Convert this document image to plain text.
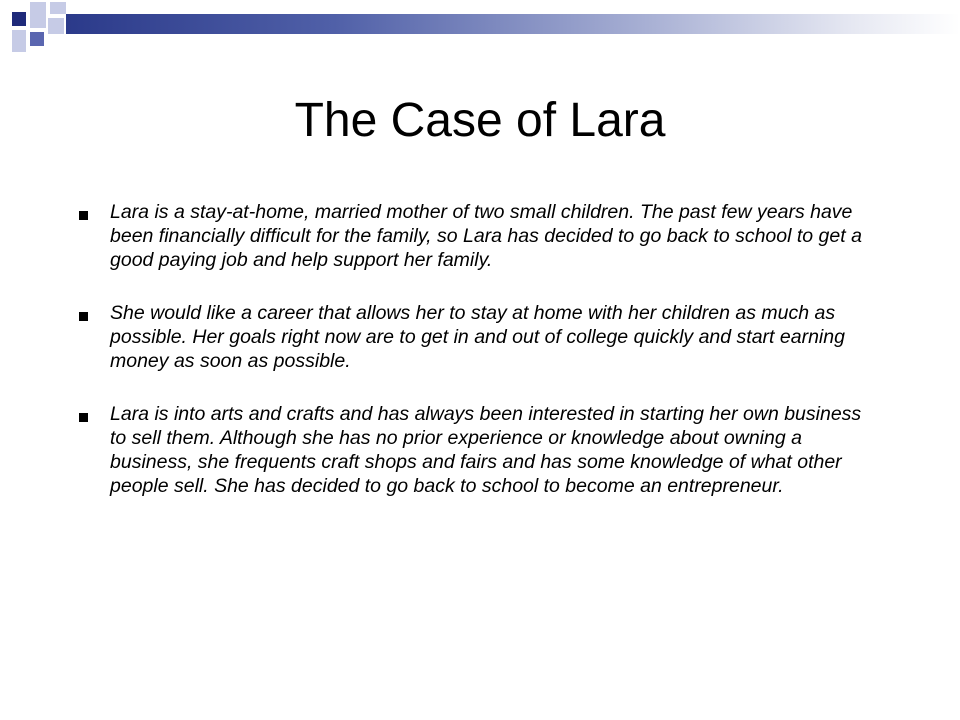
The Case of Lara
Lara is a stay-at-home, married mother of two small children. The past few years have been financially difficult for the family, so Lara has decided to go back to school to get a good paying job and help support her family.
She would like a career that allows her to stay at home with her children as much as possible. Her goals right now are to get in and out of college quickly and start earning money as soon as possible.
Lara is into arts and crafts and has always been interested in starting her own business to sell them. Although she has no prior experience or knowledge about owning a business, she frequents craft shops and fairs and has some knowledge of what other people sell. She has decided to go back to school to become an entrepreneur.
